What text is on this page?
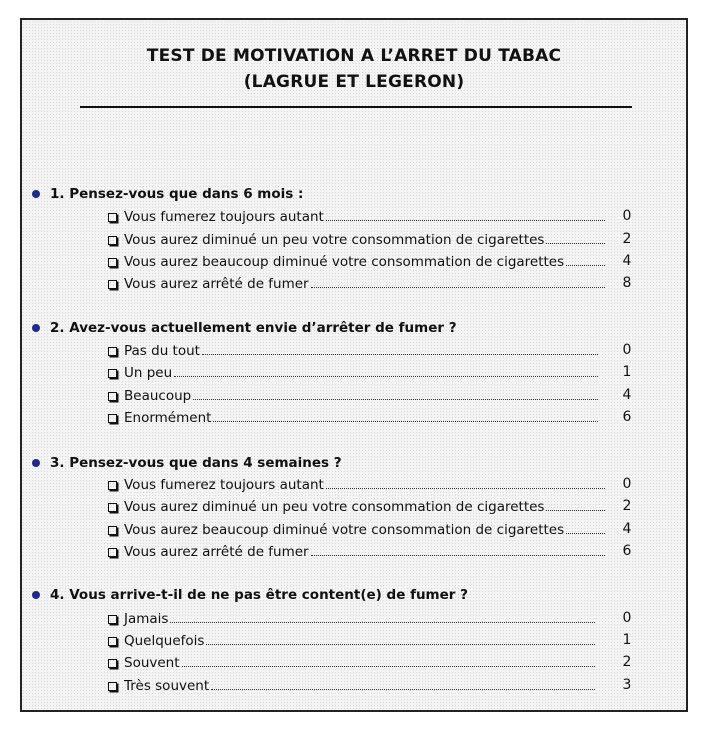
TEST DE MOTIVATION A L’ARRET DU TABAC
(LAGRUE ET LEGERON)
1. Pensez-vous que dans 6 mois :
Vous fumerez toujours autant	0
Vous aurez diminué un peu votre consommation de cigarettes	2
Vous aurez beaucoup diminué votre consommation de cigarettes	4
Vous aurez arrêté de fumer	8
2. Avez-vous actuellement envie d’arrêter de fumer ?
Pas du tout	0
Un peu	1
Beaucoup	4
Enormément	6
3. Pensez-vous que dans 4 semaines ?
Vous fumerez toujours autant	0
Vous aurez diminué un peu votre consommation de cigarettes	2
Vous aurez beaucoup diminué votre consommation de cigarettes	4
Vous aurez arrêté de fumer	6
4. Vous arrive-t-il de ne pas être content(e) de fumer ?
Jamais	0
Quelquefois	1
Souvent	2
Très souvent	3
